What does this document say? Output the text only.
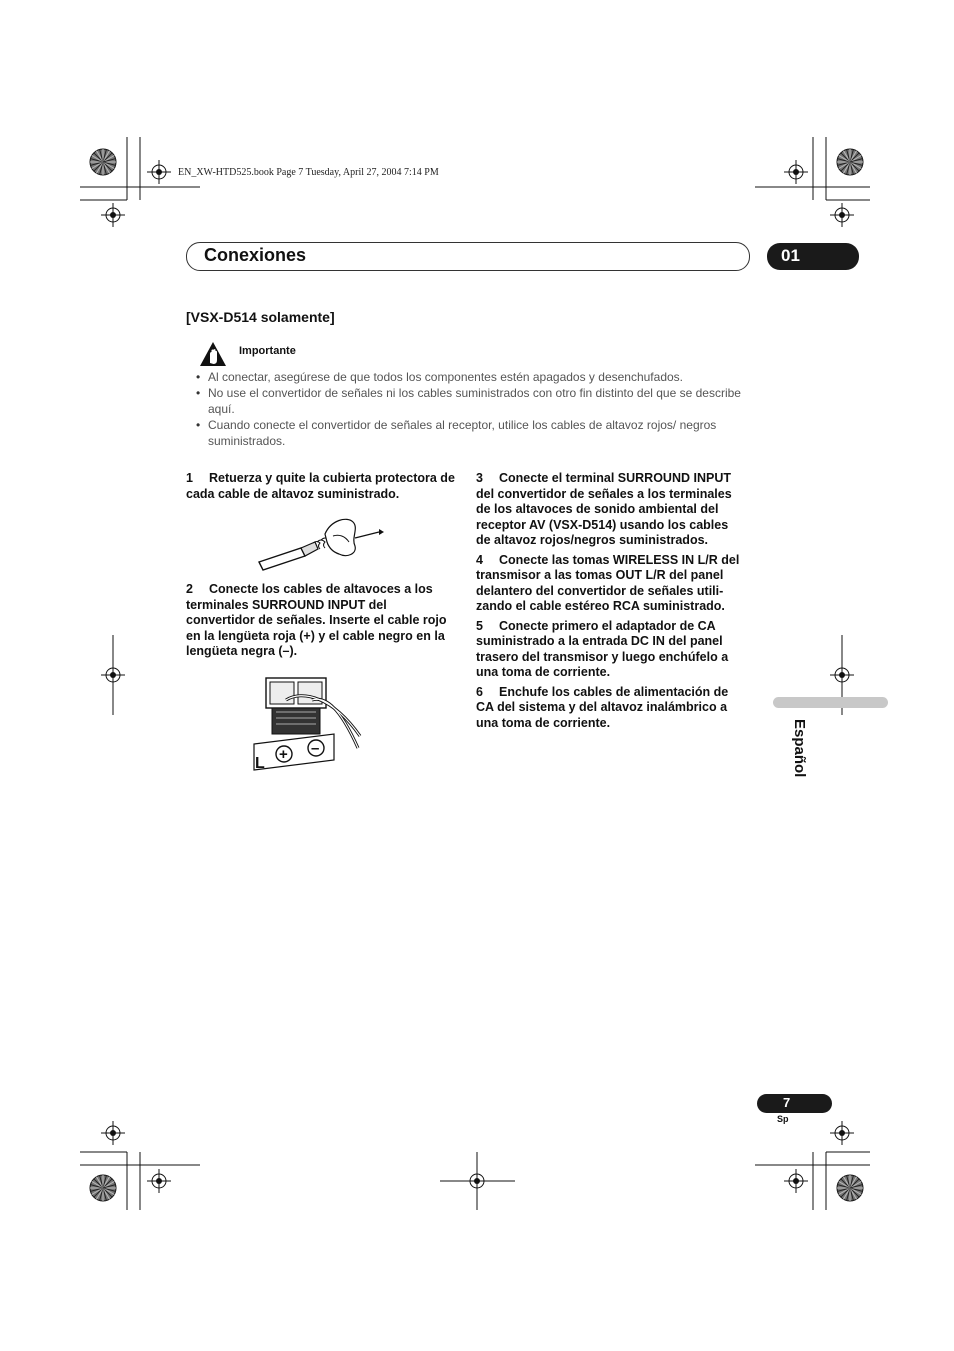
EN_XW-HTD525.book Page 7 Tuesday, April 27, 2004 7:14 PM
Conexiones	01
[VSX-D514 solamente]
Importante

• Al conectar, asegúrese de que todos los componentes estén apagados y desenchufados.

• No use el convertidor de señales ni los cables suministrados con otro fin distinto del que se describe aquí.

• Cuando conecte el convertidor de señales al receptor, utilice los cables de altavoz rojos/ negros suministrados.

1 Retuerza y quite la cubierta protectora de cada cable de altavoz suministrado.

2 Conecte los cables de altavoces a los terminales SURROUND INPUT del convertidor de señales. Inserte el cable rojo en la lengüeta roja (+) y el cable negro en la lengüeta negra (–).

L
+ –

3 Conecte el terminal SURROUND INPUT del convertidor de señales a los terminales de los altavoces de sonido ambiental del receptor AV (VSX-D514) usando los cables de altavoz rojos/negros suministrados.

4 Conecte las tomas WIRELESS IN L/R del transmisor a las tomas OUT L/R del panel delantero del convertidor de señales utili-zando el cable estéreo RCA suministrado.

5 Conecte primero el adaptador de CA suministrado a la entrada DC IN del panel trasero del transmisor y luego enchúfelo a una toma de corriente.

6 Enchufe los cables de alimentación de CA del sistema y del altavoz inalámbrico a una toma de corriente.	Español
7
Sp
